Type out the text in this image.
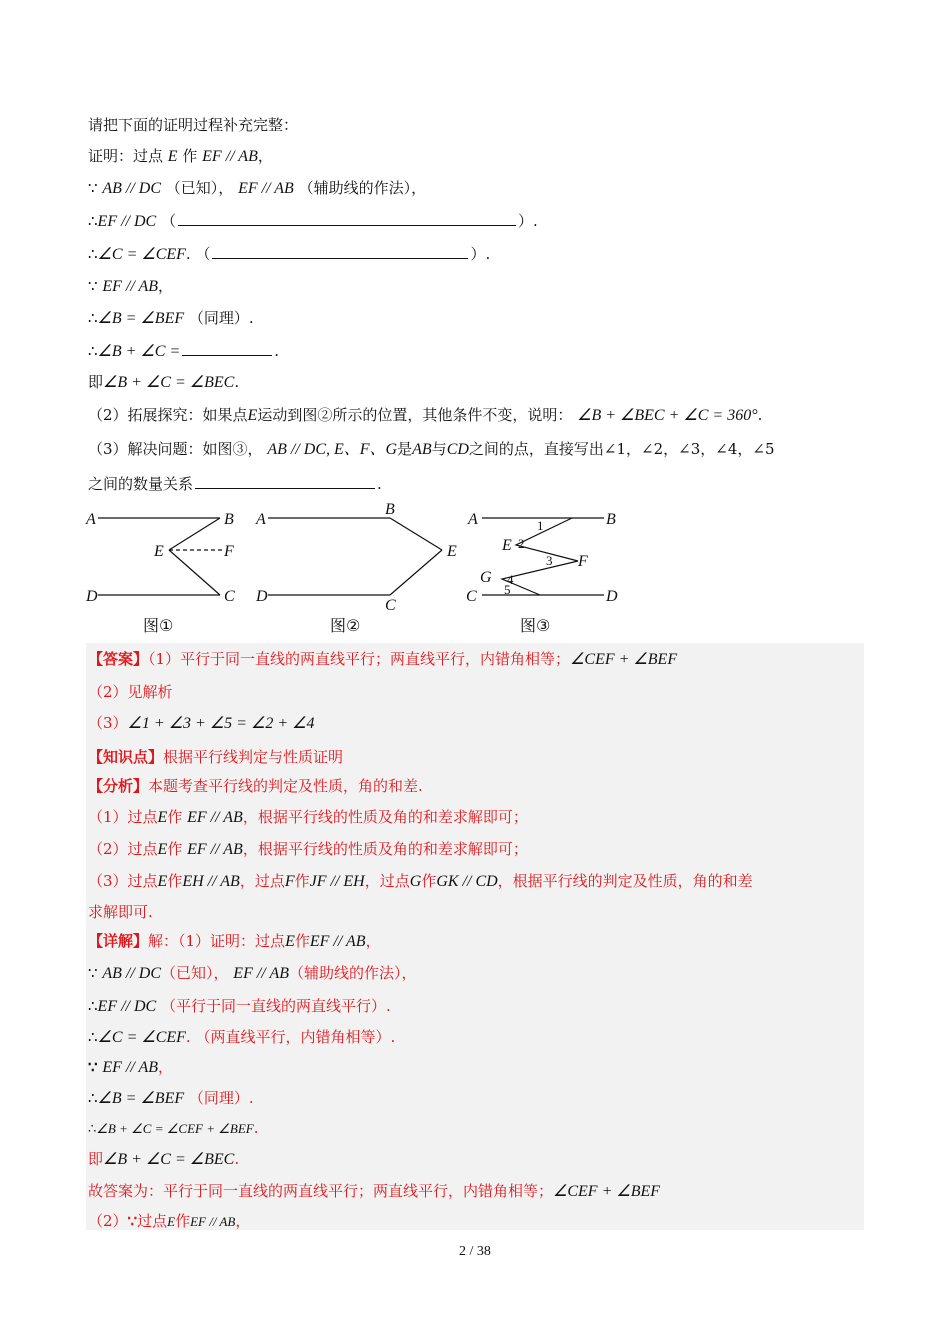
请把下面的证明过程补充完整：
证明：过点 E 作 EF // AB，
∵ AB // DC （已知）， EF // AB （辅助线的作法），
∴EF // DC （	）.
∴∠C = ∠CEF. （	）.
∵ EF // AB，
∴∠B = ∠BEF （同理）.
∴∠B + ∠C =	.
即∠B + ∠C = ∠BEC.
（2）拓展探究：如果点E运动到图②所示的位置，其他条件不变，说明： ∠B + ∠BEC + ∠C = 360°.
（3）解决问题：如图③， AB // DC, E、F、G是AB与CD之间的点，直接写出∠1，∠2，∠3，∠4，∠5
之间的数量关系	.
A	B
E	F
D	C
图①
A
B
E
D
C
图②
A	B
E
F
G
C	D
1
2
3
4
5
图③
【答案】（1）平行于同一直线的两直线平行；两直线平行，内错角相等；∠CEF + ∠BEF
（2）见解析
（3）∠1 + ∠3 + ∠5 = ∠2 + ∠4
【知识点】根据平行线判定与性质证明
【分析】本题考查平行线的判定及性质，角的和差.
（1）过点E作 EF // AB，根据平行线的性质及角的和差求解即可；
（2）过点E作 EF // AB，根据平行线的性质及角的和差求解即可；
（3）过点E作EH // AB，过点F作JF // EH，过点G作GK // CD，根据平行线的判定及性质，角的和差
求解即可.
【详解】解：（1）证明：过点E作EF // AB，
∵ AB // DC（已知）， EF // AB（辅助线的作法），
∴EF // DC （平行于同一直线的两直线平行）.
∴∠C = ∠CEF. （两直线平行，内错角相等）.
∵ EF // AB，
∴∠B = ∠BEF （同理）.
∴∠B + ∠C = ∠CEF + ∠BEF.
即∠B + ∠C = ∠BEC.
故答案为：平行于同一直线的两直线平行；两直线平行，内错角相等；∠CEF + ∠BEF
（2）∵过点E作EF // AB，
2 / 38
